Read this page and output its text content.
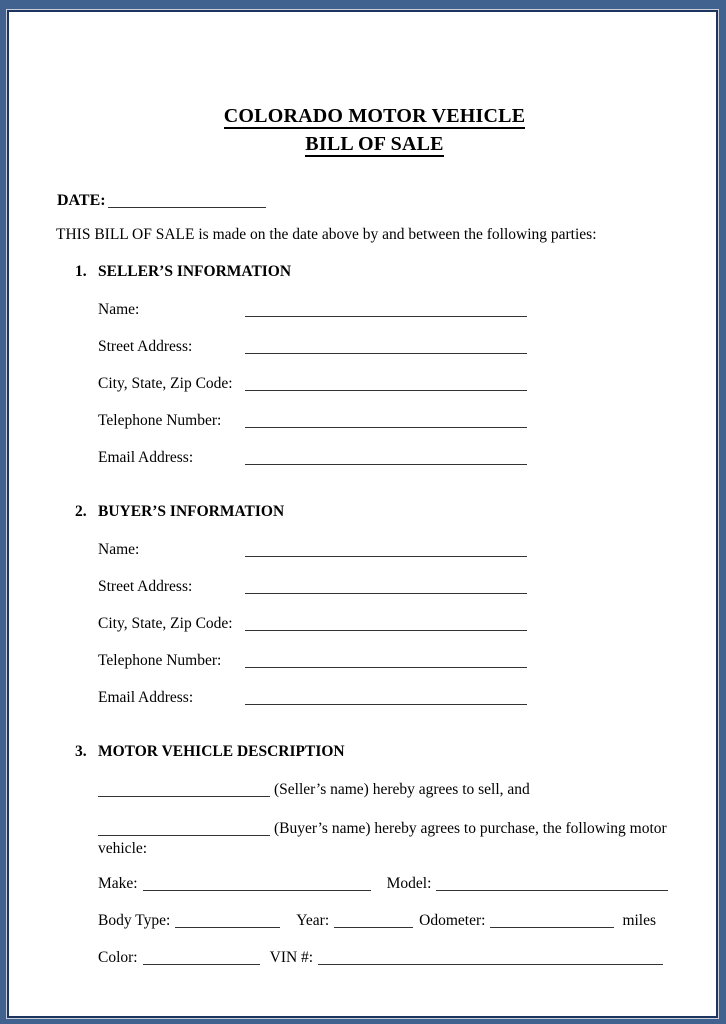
COLORADO MOTOR VEHICLE
BILL OF SALE
DATE:
THIS BILL OF SALE is made on the date above by and between the following parties:
1. SELLER’S INFORMATION
Name:
Street Address:
City, State, Zip Code:
Telephone Number:
Email Address:
2. BUYER’S INFORMATION
Name:
Street Address:
City, State, Zip Code:
Telephone Number:
Email Address:
3. MOTOR VEHICLE DESCRIPTION
(Seller’s name) hereby agrees to sell, and
(Buyer’s name) hereby agrees to purchase, the following motor vehicle:
Make:	Model:
Body Type:	Year:	Odometer:	miles
Color:	VIN #:
